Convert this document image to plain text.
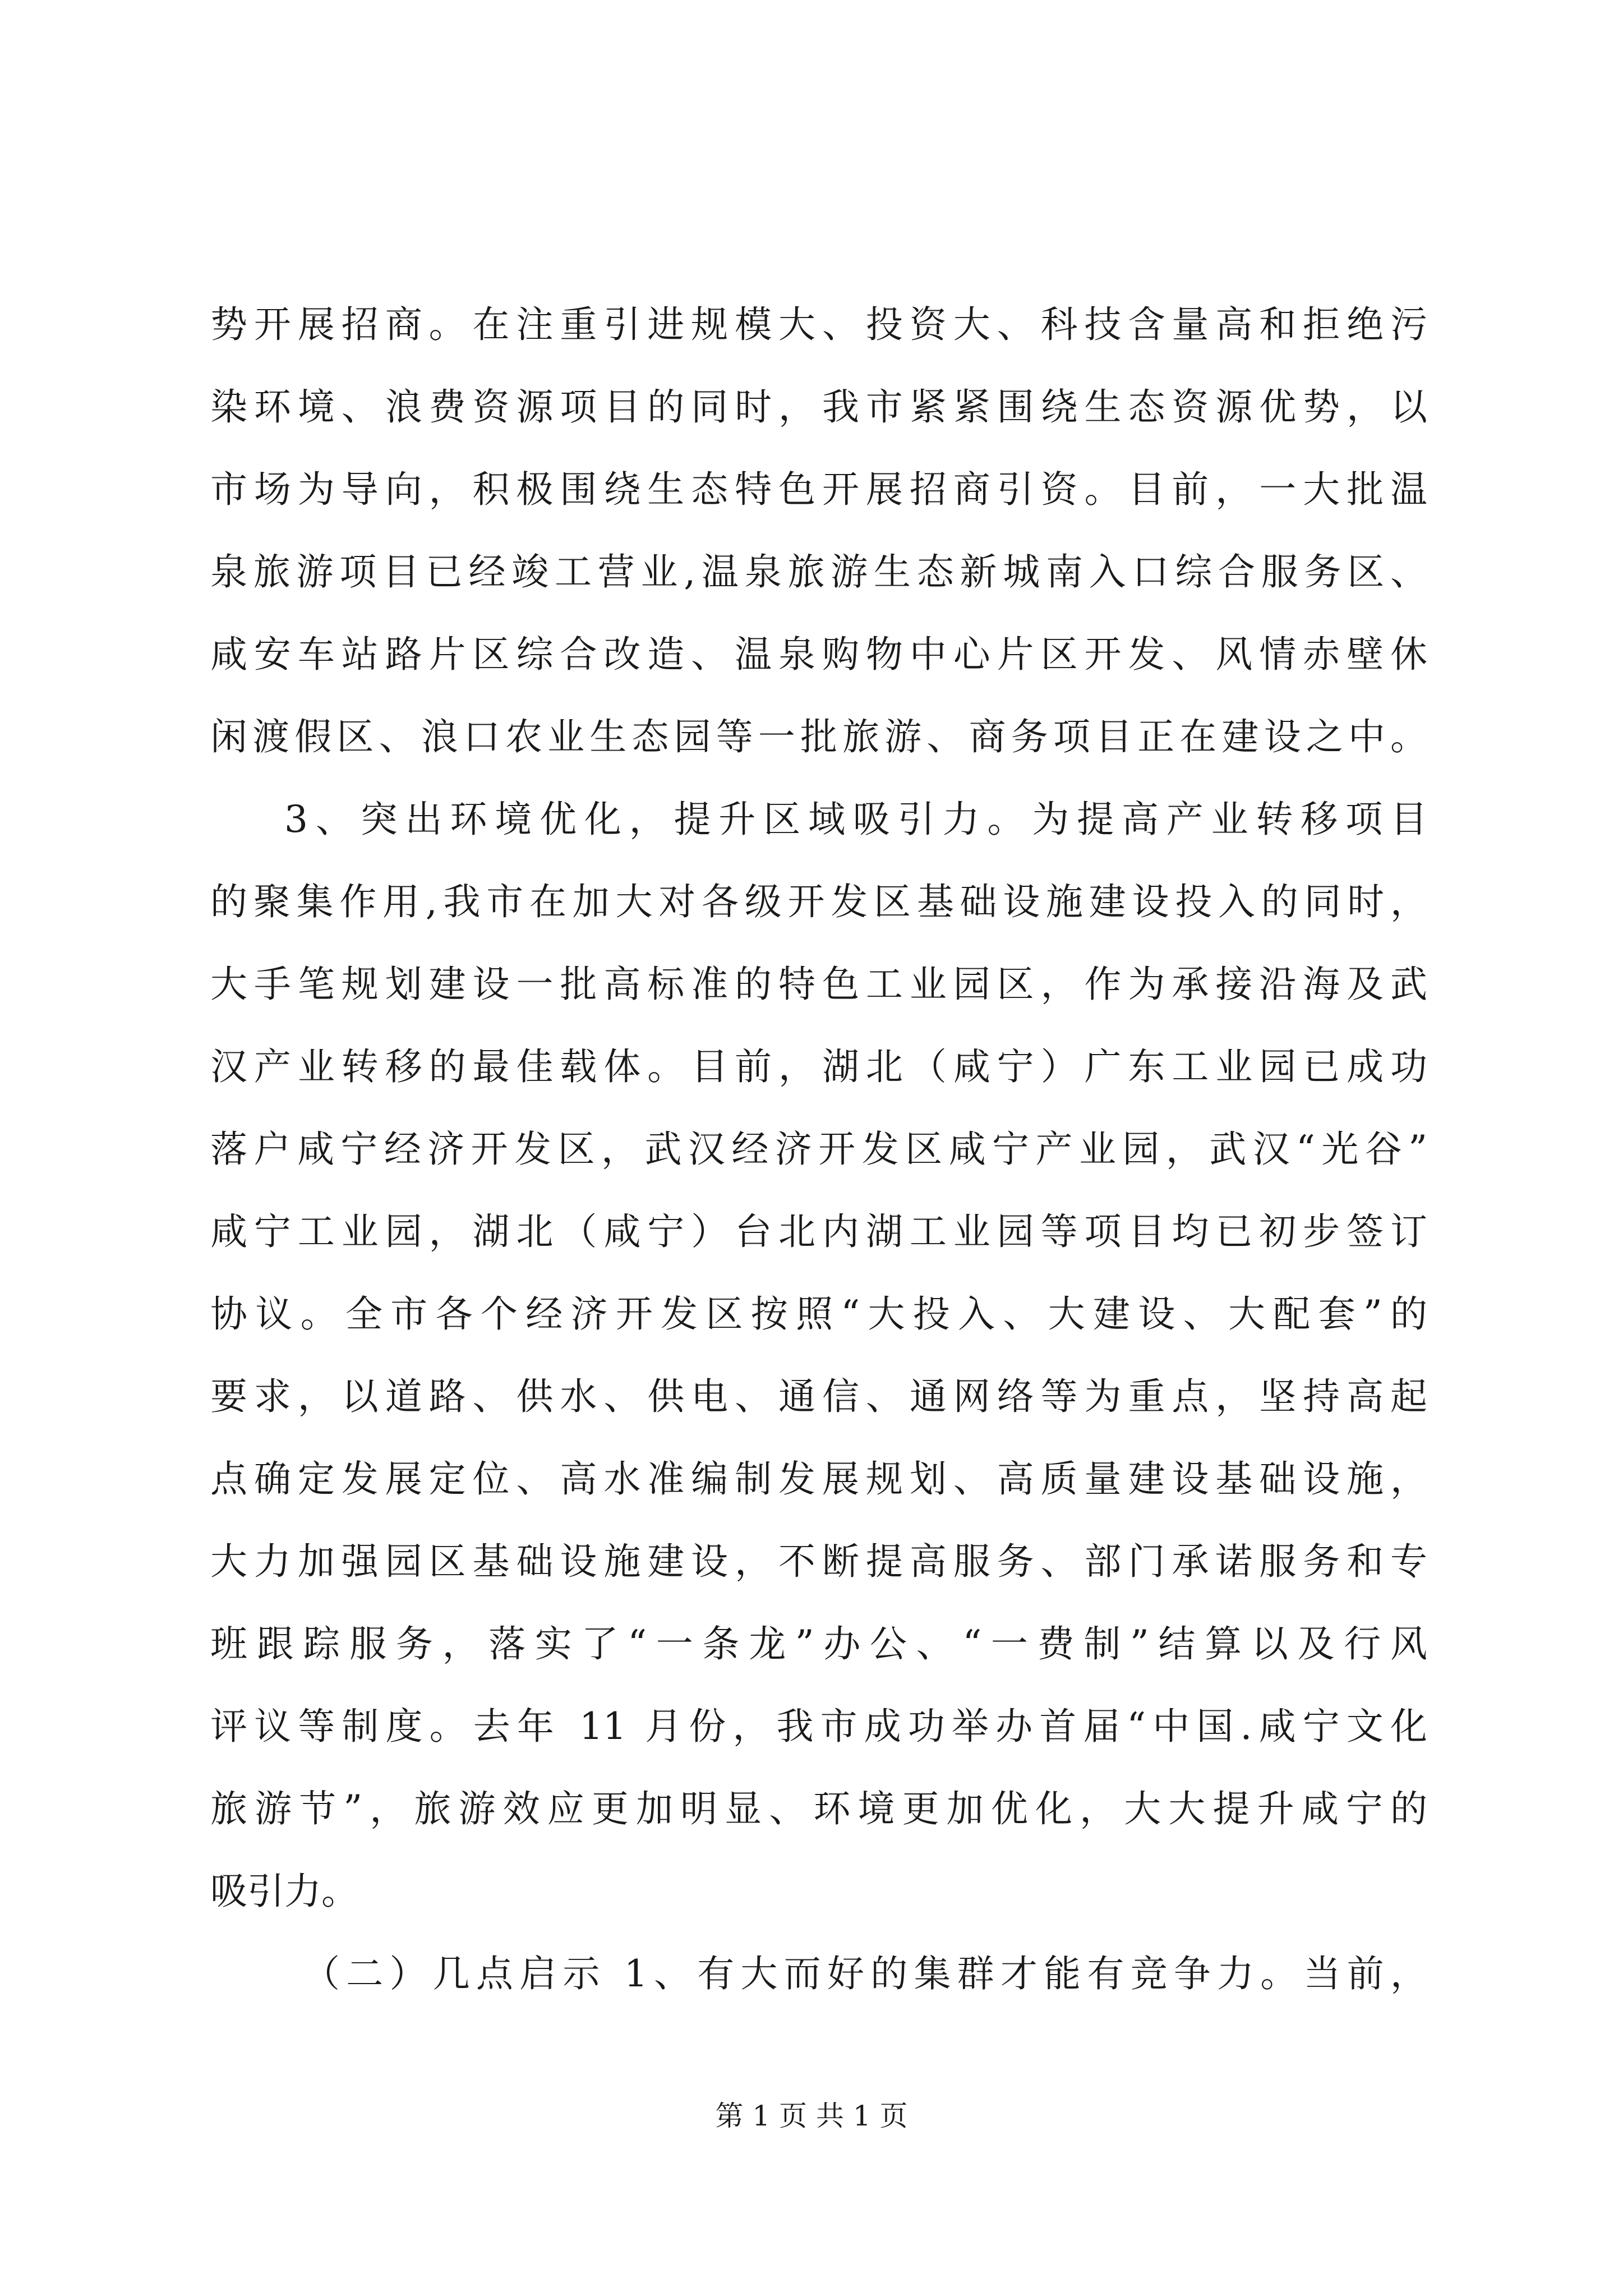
势开展招商。在注重引进规模大、投资大、科技含量高和拒绝污
染环境、浪费资源项目的同时，我市紧紧围绕生态资源优势，以
市场为导向，积极围绕生态特色开展招商引资。目前，一大批温
泉旅游项目已经竣工营业,温泉旅游生态新城南入口综合服务区、
咸安车站路片区综合改造、温泉购物中心片区开发、风情赤壁休
闲渡假区、浪口农业生态园等一批旅游、商务项目正在建设之中。
3、突出环境优化，提升区域吸引力。为提高产业转移项目
的聚集作用,我市在加大对各级开发区基础设施建设投入的同时，
大手笔规划建设一批高标准的特色工业园区，作为承接沿海及武
汉产业转移的最佳载体。目前，湖北（咸宁）广东工业园已成功
落户咸宁经济开发区，武汉经济开发区咸宁产业园，武汉“光谷”
咸宁工业园，湖北（咸宁）台北内湖工业园等项目均已初步签订
协议。全市各个经济开发区按照“大投入、大建设、大配套”的
要求，以道路、供水、供电、通信、通网络等为重点，坚持高起
点确定发展定位、高水准编制发展规划、高质量建设基础设施，
大力加强园区基础设施建设，不断提高服务、部门承诺服务和专
班跟踪服务，落实了“一条龙”办公、“一费制”结算以及行风
评议等制度。去年 11 月份，我市成功举办首届“中国.咸宁文化
旅游节”，旅游效应更加明显、环境更加优化，大大提升咸宁的
吸引力。
（二）几点启示 1、有大而好的集群才能有竞争力。当前，
第 1 页 共 1 页
